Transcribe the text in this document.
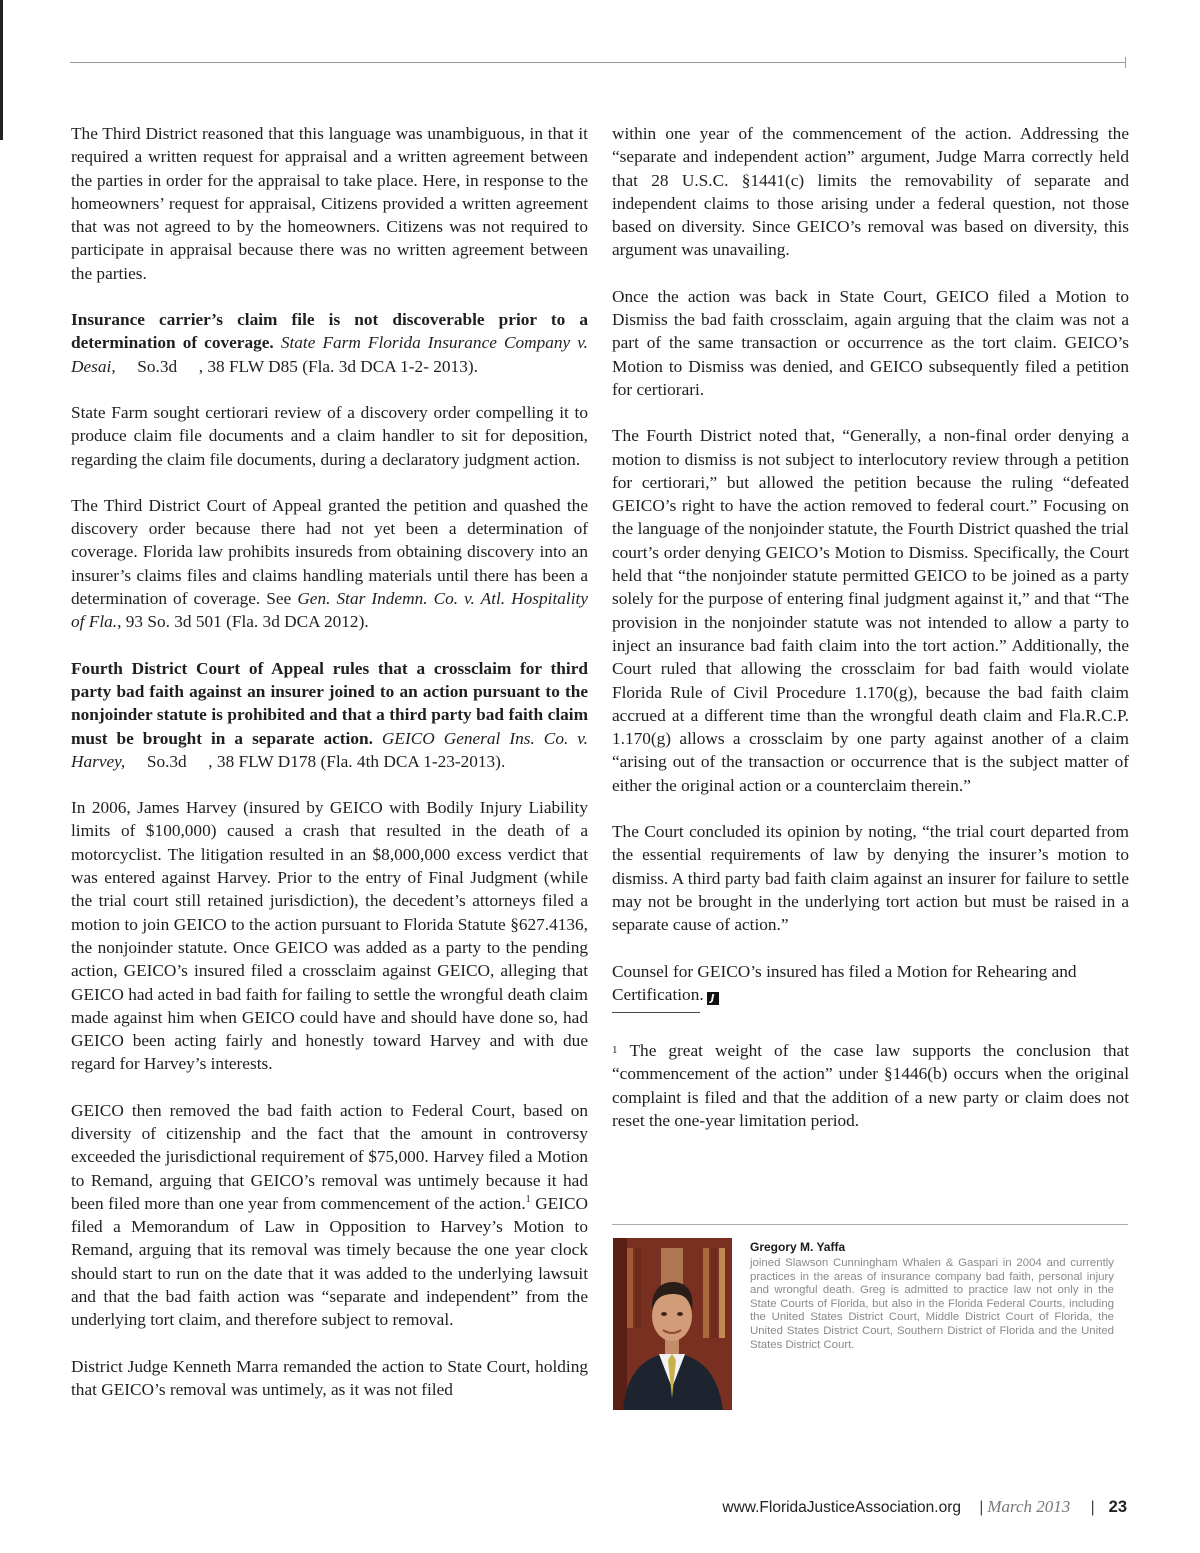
The Third District reasoned that this language was unambiguous, in that it required a written request for appraisal and a written agreement between the parties in order for the appraisal to take place. Here, in response to the homeowners’ request for appraisal, Citizens provided a written agreement that was not agreed to by the homeowners. Citizens was not required to participate in appraisal because there was no written agreement between the parties.

Insurance carrier’s claim file is not discoverable prior to a determination of coverage. State Farm Florida Insurance Company v. Desai,     So.3d     , 38 FLW D85 (Fla. 3d DCA 1-2- 2013).

State Farm sought certiorari review of a discovery order compelling it to produce claim file documents and a claim handler to sit for deposition, regarding the claim file documents, during a declaratory judgment action.

The Third District Court of Appeal granted the petition and quashed the discovery order because there had not yet been a determination of coverage. Florida law prohibits insureds from obtaining discovery into an insurer’s claims files and claims handling materials until there has been a determination of coverage. See Gen. Star Indemn. Co. v. Atl. Hospitality of Fla., 93 So. 3d 501 (Fla. 3d DCA 2012).

Fourth District Court of Appeal rules that a crossclaim for third party bad faith against an insurer joined to an action pursuant to the nonjoinder statute is prohibited and that a third party bad faith claim must be brought in a separate action. GEICO General Ins. Co. v. Harvey,     So.3d     , 38 FLW D178 (Fla. 4th DCA 1-23-2013).

In 2006, James Harvey (insured by GEICO with Bodily Injury Liability limits of $100,000) caused a crash that resulted in the death of a motorcyclist. The litigation resulted in an $8,000,000 excess verdict that was entered against Harvey. Prior to the entry of Final Judgment (while the trial court still retained jurisdiction), the decedent’s attorneys filed a motion to join GEICO to the action pursuant to Florida Statute §627.4136, the nonjoinder statute. Once GEICO was added as a party to the pending action, GEICO’s insured filed a crossclaim against GEICO, alleging that GEICO had acted in bad faith for failing to settle the wrongful death claim made against him when GEICO could have and should have done so, had GEICO been acting fairly and honestly toward Harvey and with due regard for Harvey’s interests.

GEICO then removed the bad faith action to Federal Court, based on diversity of citizenship and the fact that the amount in controversy exceeded the jurisdictional requirement of $75,000. Harvey filed a Motion to Remand, arguing that GEICO’s removal was untimely because it had been filed more than one year from commencement of the action.$^1$ GEICO filed a Memorandum of Law in Opposition to Harvey’s Motion to Remand, arguing that its removal was timely because the one year clock should start to run on the date that it was added to the underlying lawsuit and that the bad faith action was “separate and independent” from the underlying tort claim, and therefore subject to removal.

District Judge Kenneth Marra remanded the action to State Court, holding that GEICO’s removal was untimely, as it was not filed

within one year of the commencement of the action. Addressing the “separate and independent action” argument, Judge Marra correctly held that 28 U.S.C. §1441(c) limits the removability of separate and independent claims to those arising under a federal question, not those based on diversity. Since GEICO’s removal was based on diversity, this argument was unavailing.

Once the action was back in State Court, GEICO filed a Motion to Dismiss the bad faith crossclaim, again arguing that the claim was not a part of the same transaction or occurrence as the tort claim. GEICO’s Motion to Dismiss was denied, and GEICO subsequently filed a petition for certiorari.

The Fourth District noted that, “Generally, a non-final order denying a motion to dismiss is not subject to interlocutory review through a petition for certiorari,” but allowed the petition because the ruling “defeated GEICO’s right to have the action removed to federal court.” Focusing on the language of the nonjoinder statute, the Fourth District quashed the trial court’s order denying GEICO’s Motion to Dismiss. Specifically, the Court held that “the nonjoinder statute permitted GEICO to be joined as a party solely for the purpose of entering final judgment against it,” and that “The provision in the nonjoinder statute was not intended to allow a party to inject an insurance bad faith claim into the tort action.” Additionally, the Court ruled that allowing the crossclaim for bad faith would violate Florida Rule of Civil Procedure 1.170(g), because the bad faith claim accrued at a different time than the wrongful death claim and Fla.R.C.P. 1.170(g) allows a crossclaim by one party against another of a claim “arising out of the transaction or occurrence that is the subject matter of either the original action or a counterclaim therein.”

The Court concluded its opinion by noting, “the trial court departed from the essential requirements of law by denying the insurer’s motion to dismiss. A third party bad faith claim against an insurer for failure to settle may not be brought in the underlying tort action but must be raised in a separate cause of action.”

Counsel for GEICO’s insured has filed a Motion for Rehearing and Certification. J

$^1$ The great weight of the case law supports the conclusion that “commencement of the action” under §1446(b) occurs when the original complaint is filed and that the addition of a new party or claim does not reset the one-year limitation period.

Gregory M. Yaffa
joined Slawson Cunningham Whalen & Gaspari in 2004 and currently practices in the areas of insurance company bad faith, personal injury and wrongful death. Greg is admitted to practice law not only in the State Courts of Florida, but also in the Florida Federal Courts, including the United States District Court, Middle District Court of Florida, the United States District Court, Southern District of Florida and the United States District Court.
www.FloridaJusticeAssociation.org | March 2013 | 23
